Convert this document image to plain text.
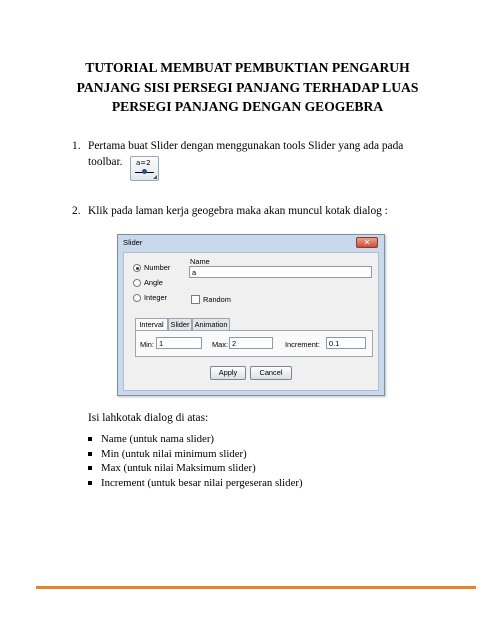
TUTORIAL MEMBUAT PEMBUKTIAN PENGARUH
PANJANG SISI PERSEGI PANJANG TERHADAP LUAS
PERSEGI PANJANG DENGAN GEOGEBRA
1. Pertama buat Slider dengan menggunakan tools Slider yang ada pada
toolbar. a=2
2. Klik pada laman kerja geogebra maka akan muncul kotak dialog :
Slider	✕
Number
Angle
Integer
Name
a
Random
Interval Slider Animation
Min: 1	Max: 2	Increment:	0.1
Apply	Cancel
Isi lahkotak dialog di atas:
Name (untuk nama slider)
Min (untuk nilai minimum slider)
Max (untuk nilai Maksimum slider)
Increment (untuk besar nilai pergeseran slider)
